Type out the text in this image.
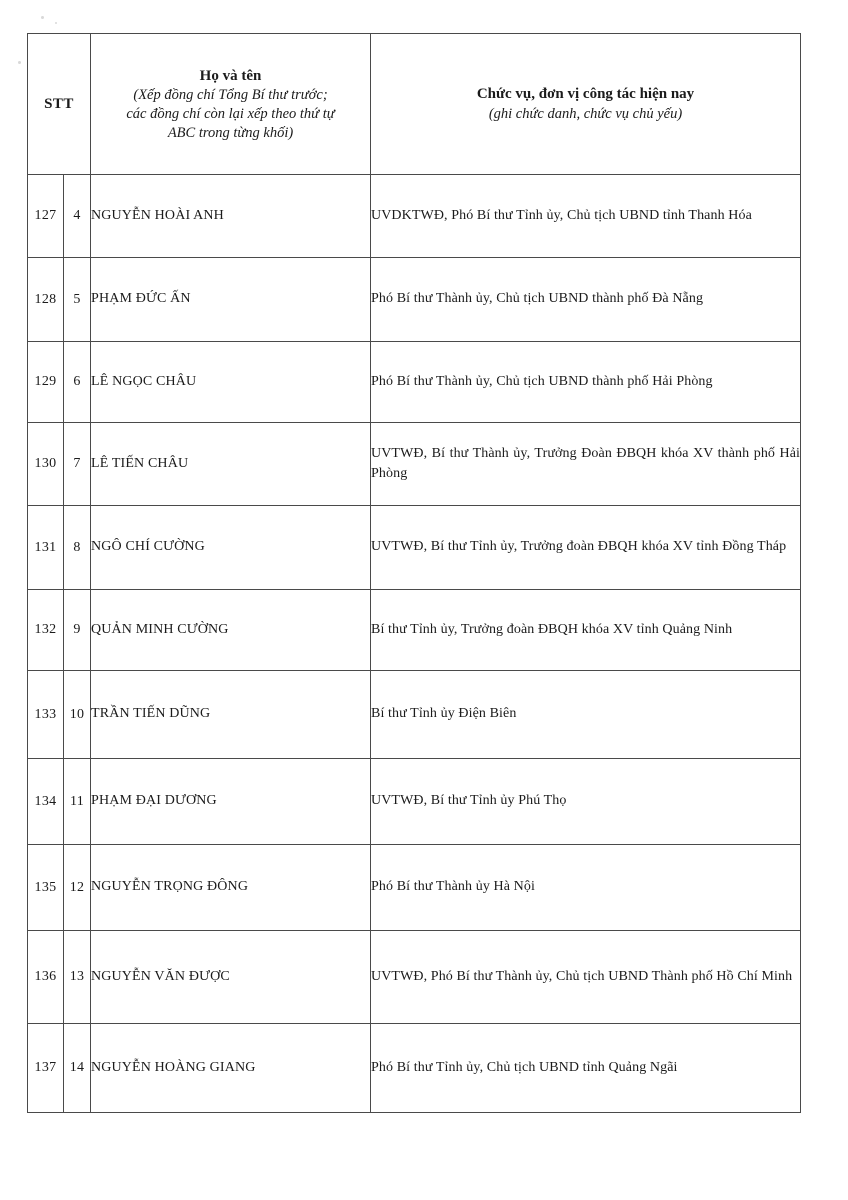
STT		Họ và tên
(Xếp đồng chí Tổng Bí thư trước;
các đồng chí còn lại xếp theo thứ tự
ABC trong từng khối)	Chức vụ, đơn vị công tác hiện nay
(ghi chức danh, chức vụ chủ yếu)

127	4	NGUYỄN HOÀI ANH	UVDKTWĐ, Phó Bí thư Tỉnh ủy, Chủ tịch UBND tỉnh Thanh Hóa
128	5	PHẠM ĐỨC ẤN	Phó Bí thư Thành ủy, Chủ tịch UBND thành phố Đà Nẵng
129	6	LÊ NGỌC CHÂU	Phó Bí thư Thành ủy, Chủ tịch UBND thành phố Hải Phòng
130	7	LÊ TIẾN CHÂU	UVTWĐ, Bí thư Thành ủy, Trưởng Đoàn ĐBQH khóa XV thành phố Hải Phòng
131	8	NGÔ CHÍ CƯỜNG	UVTWĐ, Bí thư Tỉnh ủy, Trưởng đoàn ĐBQH khóa XV tỉnh Đồng Tháp
132	9	QUẢN MINH CƯỜNG	Bí thư Tỉnh ủy, Trưởng đoàn ĐBQH khóa XV tỉnh Quảng Ninh
133	10	TRẦN TIẾN DŨNG	Bí thư Tỉnh ủy Điện Biên
134	11	PHẠM ĐẠI DƯƠNG	UVTWĐ, Bí thư Tỉnh ủy Phú Thọ
135	12	NGUYỄN TRỌNG ĐÔNG	Phó Bí thư Thành ủy Hà Nội
136	13	NGUYỄN VĂN ĐƯỢC	UVTWĐ, Phó Bí thư Thành ủy, Chủ tịch UBND Thành phố Hồ Chí Minh
137	14	NGUYỄN HOÀNG GIANG	Phó Bí thư Tỉnh ủy, Chủ tịch UBND tỉnh Quảng Ngãi
